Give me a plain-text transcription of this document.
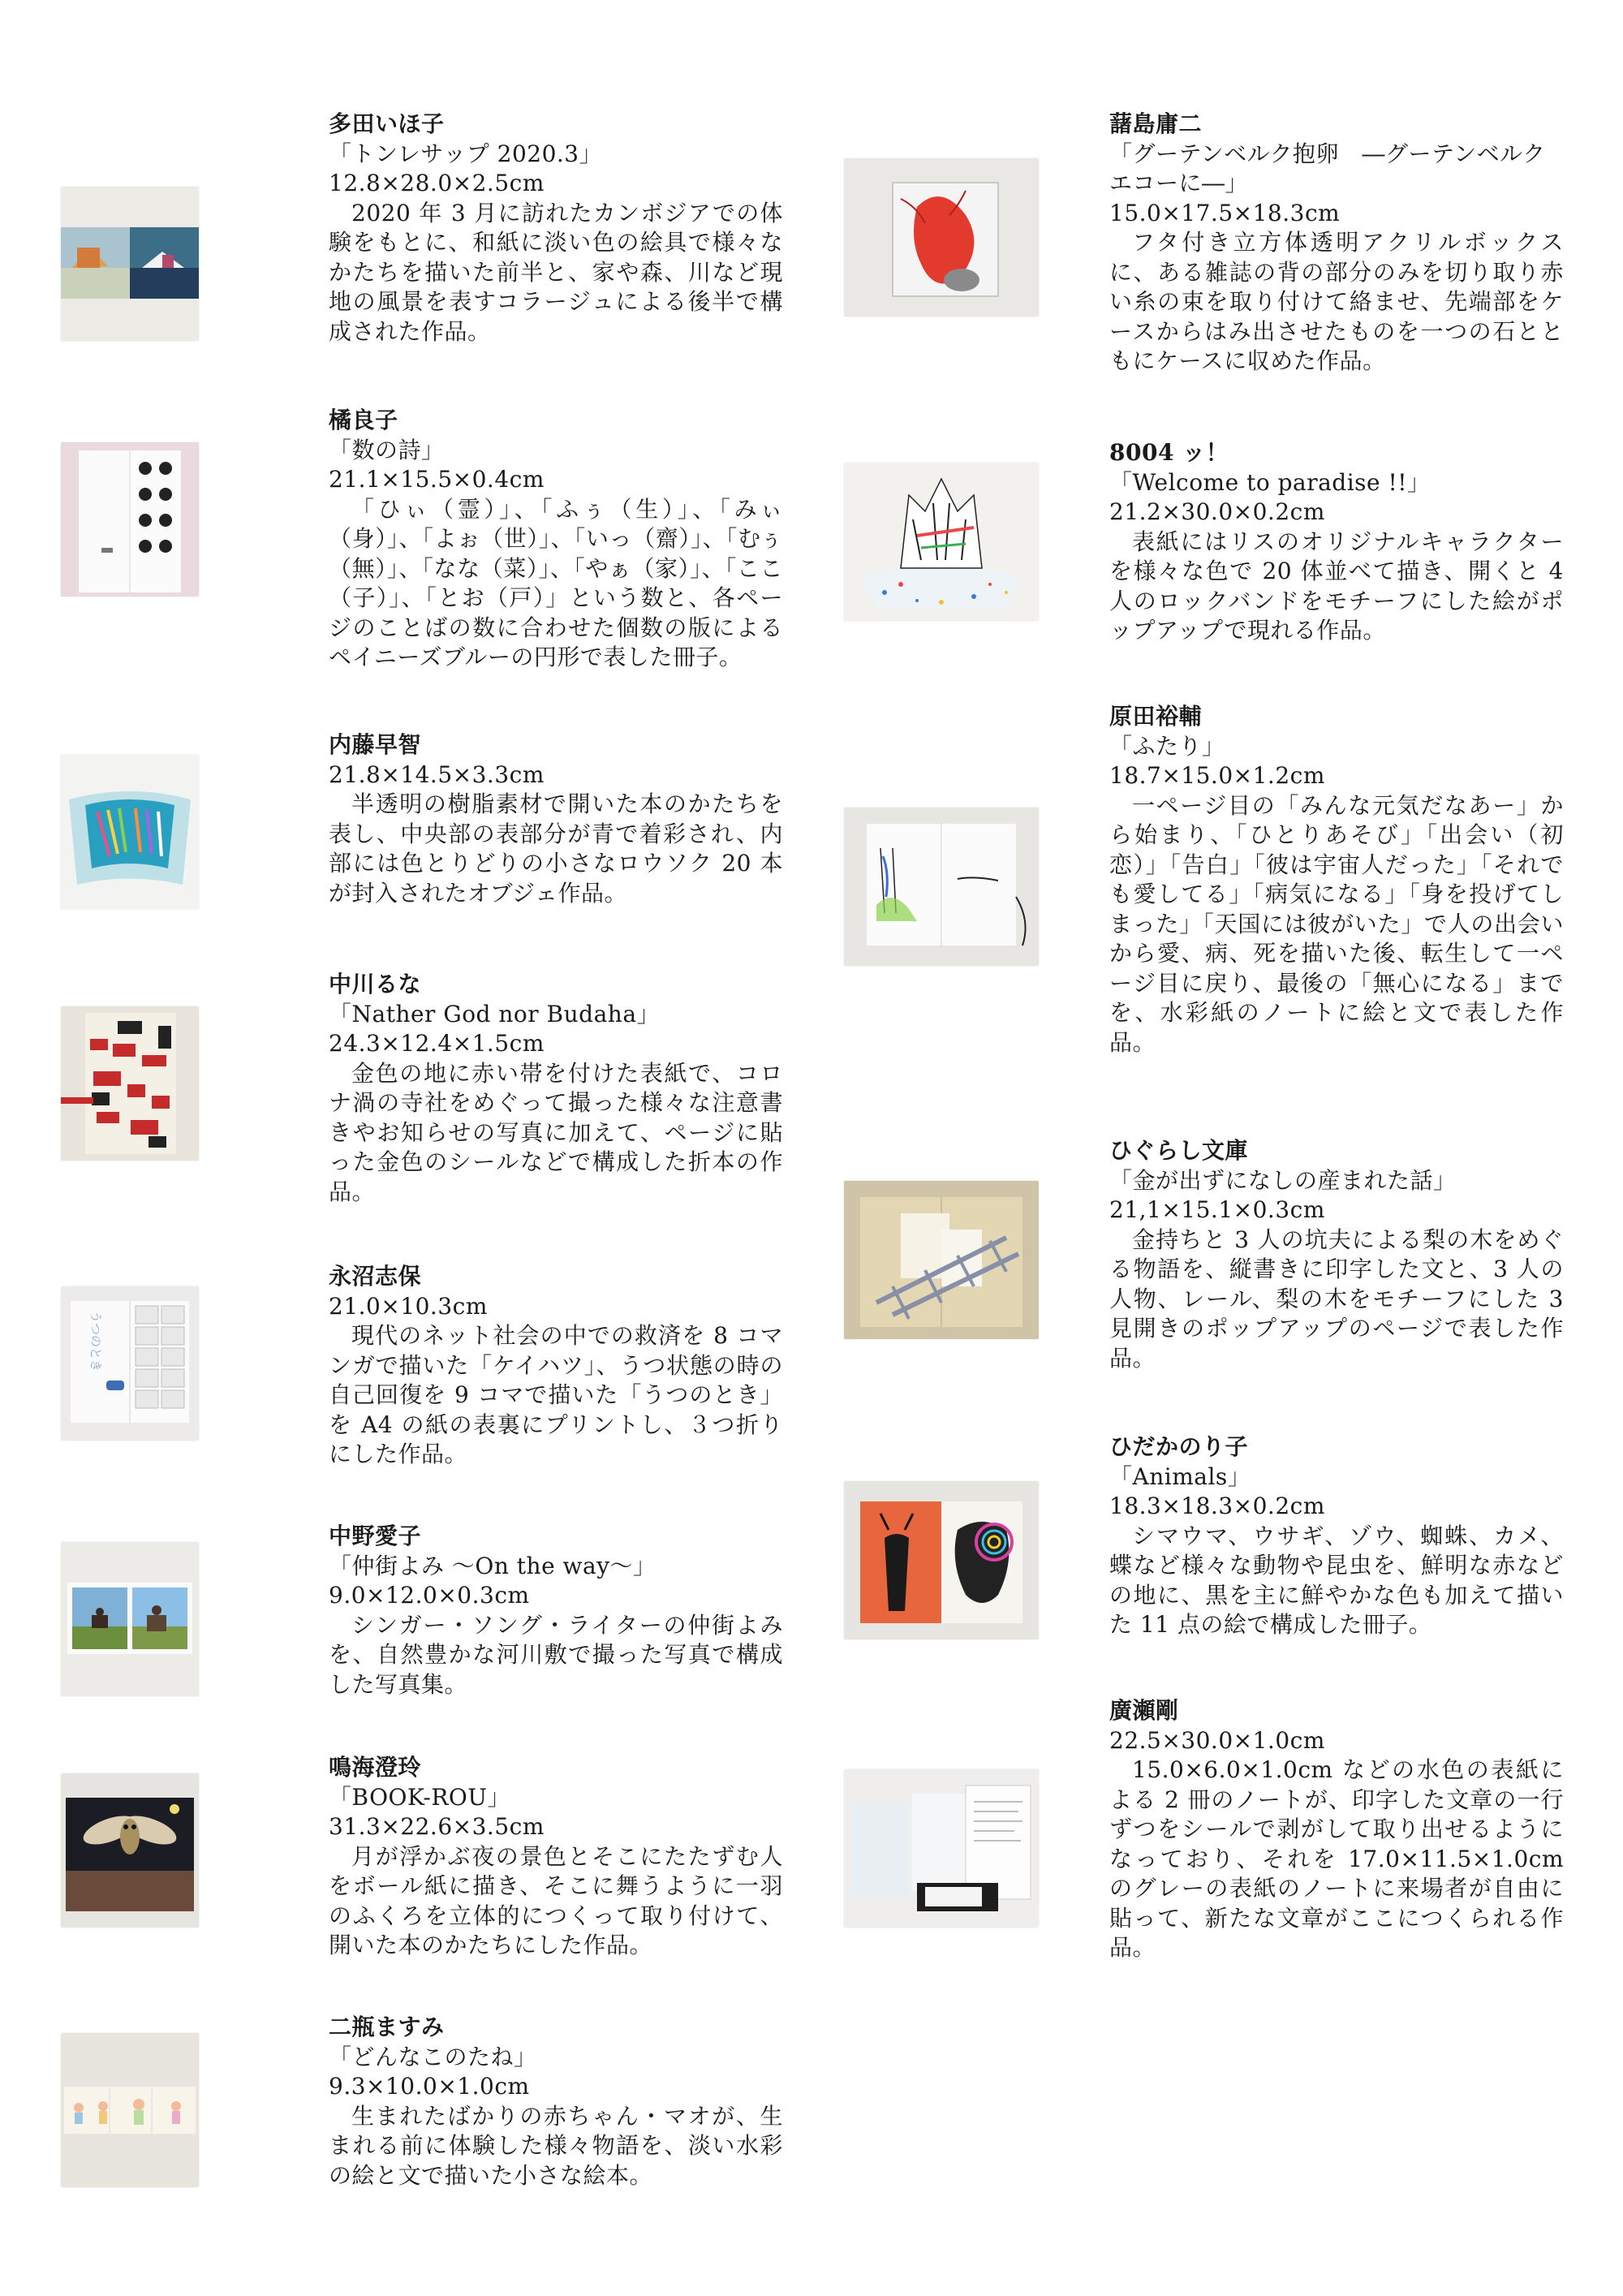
多田いほ子
「トンレサップ 2020.3」
12.8×28.0×2.5cm
2020 年 3 月に訪れたカンボジアでの体験をもとに、和紙に淡い色の絵具で様々なかたちを描いた前半と、家や森、川など現地の風景を表すコラージュによる後半で構成された作品。
橘良子
「数の詩」
21.1×15.5×0.4cm
「ひぃ（霊）」、「ふぅ（生）」、「みぃ（身）」、「よぉ（世）」、「いっ（齋）」、「むぅ（無）」、「なな（菜）」、「やぁ（家）」、「ここ（子）」、「とお（戸）」という数と、各ページのことばの数に合わせた個数の版によるペイニーズブルーの円形で表した冊子。
内藤早智
21.8×14.5×3.3cm
半透明の樹脂素材で開いた本のかたちを表し、中央部の表部分が青で着彩され、内部には色とりどりの小さなロウソク 20 本が封入されたオブジェ作品。
中川るな
「Nather God nor Budaha」
24.3×12.4×1.5cm
金色の地に赤い帯を付けた表紙で、コロナ渦の寺社をめぐって撮った様々な注意書きやお知らせの写真に加えて、ページに貼った金色のシールなどで構成した折本の作品。
うつのとき
永沼志保
21.0×10.3cm
現代のネット社会の中での救済を 8 コマンガで描いた「ケイハツ」、うつ状態の時の自己回復を 9 コマで描いた「うつのとき」を A4 の紙の表裏にプリントし、３つ折りにした作品。
中野愛子
「仲街よみ 〜On the way〜」
9.0×12.0×0.3cm
シンガー・ソング・ライターの仲街よみを、自然豊かな河川敷で撮った写真で構成した写真集。
鳴海澄玲
「BOOK-ROU」
31.3×22.6×3.5cm
月が浮かぶ夜の景色とそこにたたずむ人をボール紙に描き、そこに舞うように一羽のふくろを立体的につくって取り付けて、開いた本のかたちにした作品。
二瓶ますみ
「どんなこのたね」
9.3×10.0×1.0cm
生まれたばかりの赤ちゃん・マオが、生まれる前に体験した様々物語を、淡い水彩の絵と文で描いた小さな絵本。
藷島庸二
「グーテンベルク抱卵　―グーテンベルクエコーに―」
15.0×17.5×18.3cm
フタ付き立方体透明アクリルボックスに、ある雑誌の背の部分のみを切り取り赤い糸の束を取り付けて絡ませ、先端部をケースからはみ出させたものを一つの石とともにケースに収めた作品。
8004 ッ！
「Welcome to paradise !!」
21.2×30.0×0.2cm
表紙にはリスのオリジナルキャラクターを様々な色で 20 体並べて描き、開くと 4 人のロックバンドをモチーフにした絵がポップアップで現れる作品。
原田裕輔
「ふたり」
18.7×15.0×1.2cm
一ページ目の「みんな元気だなあー」から始まり、「ひとりあそび」「出会い（初恋）」「告白」「彼は宇宙人だった」「それでも愛してる」「病気になる」「身を投げてしまった」「天国には彼がいた」で人の出会いから愛、病、死を描いた後、転生して一ページ目に戻り、最後の「無心になる」までを、水彩紙のノートに絵と文で表した作品。
ひぐらし文庫
「金が出ずになしの産まれた話」
21,1×15.1×0.3cm
金持ちと 3 人の坑夫による梨の木をめぐる物語を、縦書きに印字した文と、3 人の人物、レール、梨の木をモチーフにした 3 見開きのポップアップのページで表した作品。
ひだかのり子
「Animals」
18.3×18.3×0.2cm
シマウマ、ウサギ、ゾウ、蜘蛛、カメ、蝶など様々な動物や昆虫を、鮮明な赤などの地に、黒を主に鮮やかな色も加えて描いた 11 点の絵で構成した冊子。
廣瀬剛
22.5×30.0×1.0cm
15.0×6.0×1.0cm などの水色の表紙による 2 冊のノートが、印字した文章の一行ずつをシールで剥がして取り出せるようになっており、それを 17.0×11.5×1.0cm のグレーの表紙のノートに来場者が自由に貼って、新たな文章がここにつくられる作品。
